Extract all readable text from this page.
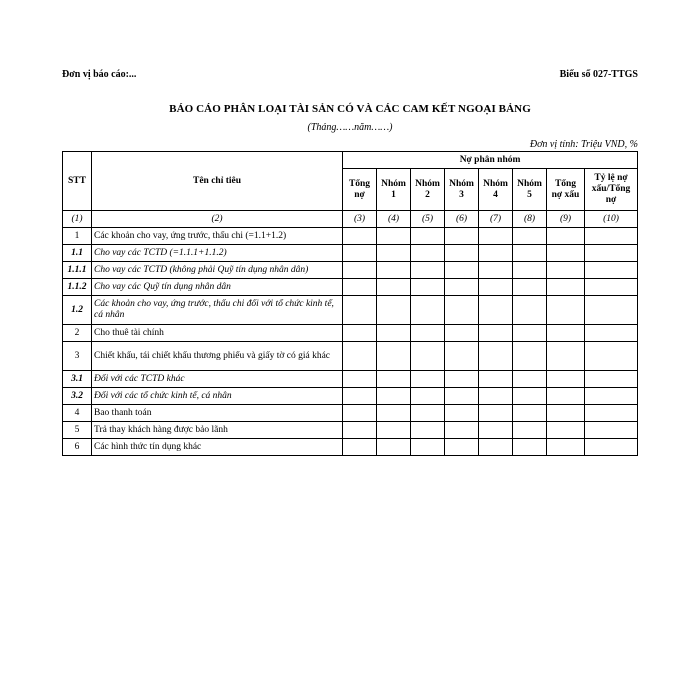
Đơn vị báo cáo:...	Biểu số 027-TTGS
BÁO CÁO PHÂN LOẠI TÀI SẢN CÓ VÀ CÁC CAM KẾT NGOẠI BẢNG
(Tháng……năm……)
Đơn vị tính: Triệu VND, %
STT	Tên chỉ tiêu	Nợ phân nhóm							
		Tổng nợ	Nhóm 1	Nhóm 2	Nhóm 3	Nhóm 4	Nhóm 5	Tổng nợ xấu	Tỷ lệ nợ xấu/Tổng nợ
(1)	(2)	(3)	(4)	(5)	(6)	(7)	(8)	(9)	(10)
1	Các khoản cho vay, ứng trước, thấu chi (=1.1+1.2)								
1.1	Cho vay các TCTD (=1.1.1+1.1.2)								
1.1.1	Cho vay các TCTD (không phải Quỹ tín dụng nhân dân)								
1.1.2	Cho vay các Quỹ tín dụng nhân dân								
1.2	Các khoản cho vay, ứng trước, thấu chi đối với tổ chức kinh tế, cá nhân								
2	Cho thuê tài chính								
3	Chiết khấu, tái chiết khấu thương phiếu và giấy tờ có giá khác								
3.1	Đối với các TCTD khác								
3.2	Đối với các tổ chức kinh tế, cá nhân								
4	Bao thanh toán								
5	Trả thay khách hàng được bảo lãnh								
6	Các hình thức tín dụng khác								
